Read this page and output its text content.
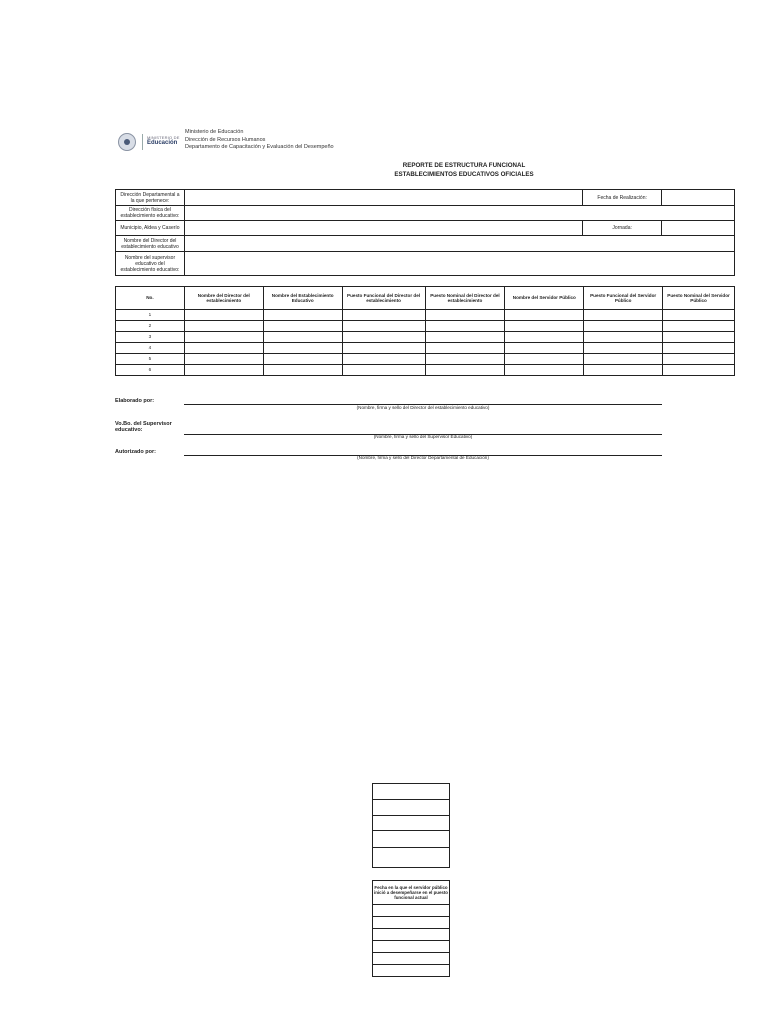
MINISTERIO DE
Educación
Ministerio de Educación
Dirección de Recursos Humanos
Departamento de Capacitación y Evaluación del Desempeño
REPORTE DE ESTRUCTURA FUNCIONAL
ESTABLECIMIENTOS EDUCATIVOS OFICIALES
Dirección Departamental a la que pertenece:		Fecha de Realización:	
Dirección física del establecimiento educativo:			
Municipio, Aldea y Caserío		Jornada:	
Nombre del Director del establecimiento educativo			
Nombre del supervisor educativo del establecimiento educativo:			
No.	Nombre del Director del establecimiento	Nombre del Establecimiento Educativo	Puesto Funcional del Director del establecimiento	Puesto Nominal del Director del establecimiento	Nombre del Servidor Público	Puesto Funcional del Servidor Público	Puesto Nominal del Servidor Público
1							
2							
3							
4							
5							
6							
Elaborado por:
(Nombre, firma y sello del Director del establecimiento educativo)
Vo.Bo. del Supervisor educativo:
(Nombre, firma y sello del Supervisor Educativo)
Autorizado por:
(Nombre, firma y sello del Director Departamental de Educación)
Fecha en la que el servidor público inició a desempeñarse en el puesto funcional actual
